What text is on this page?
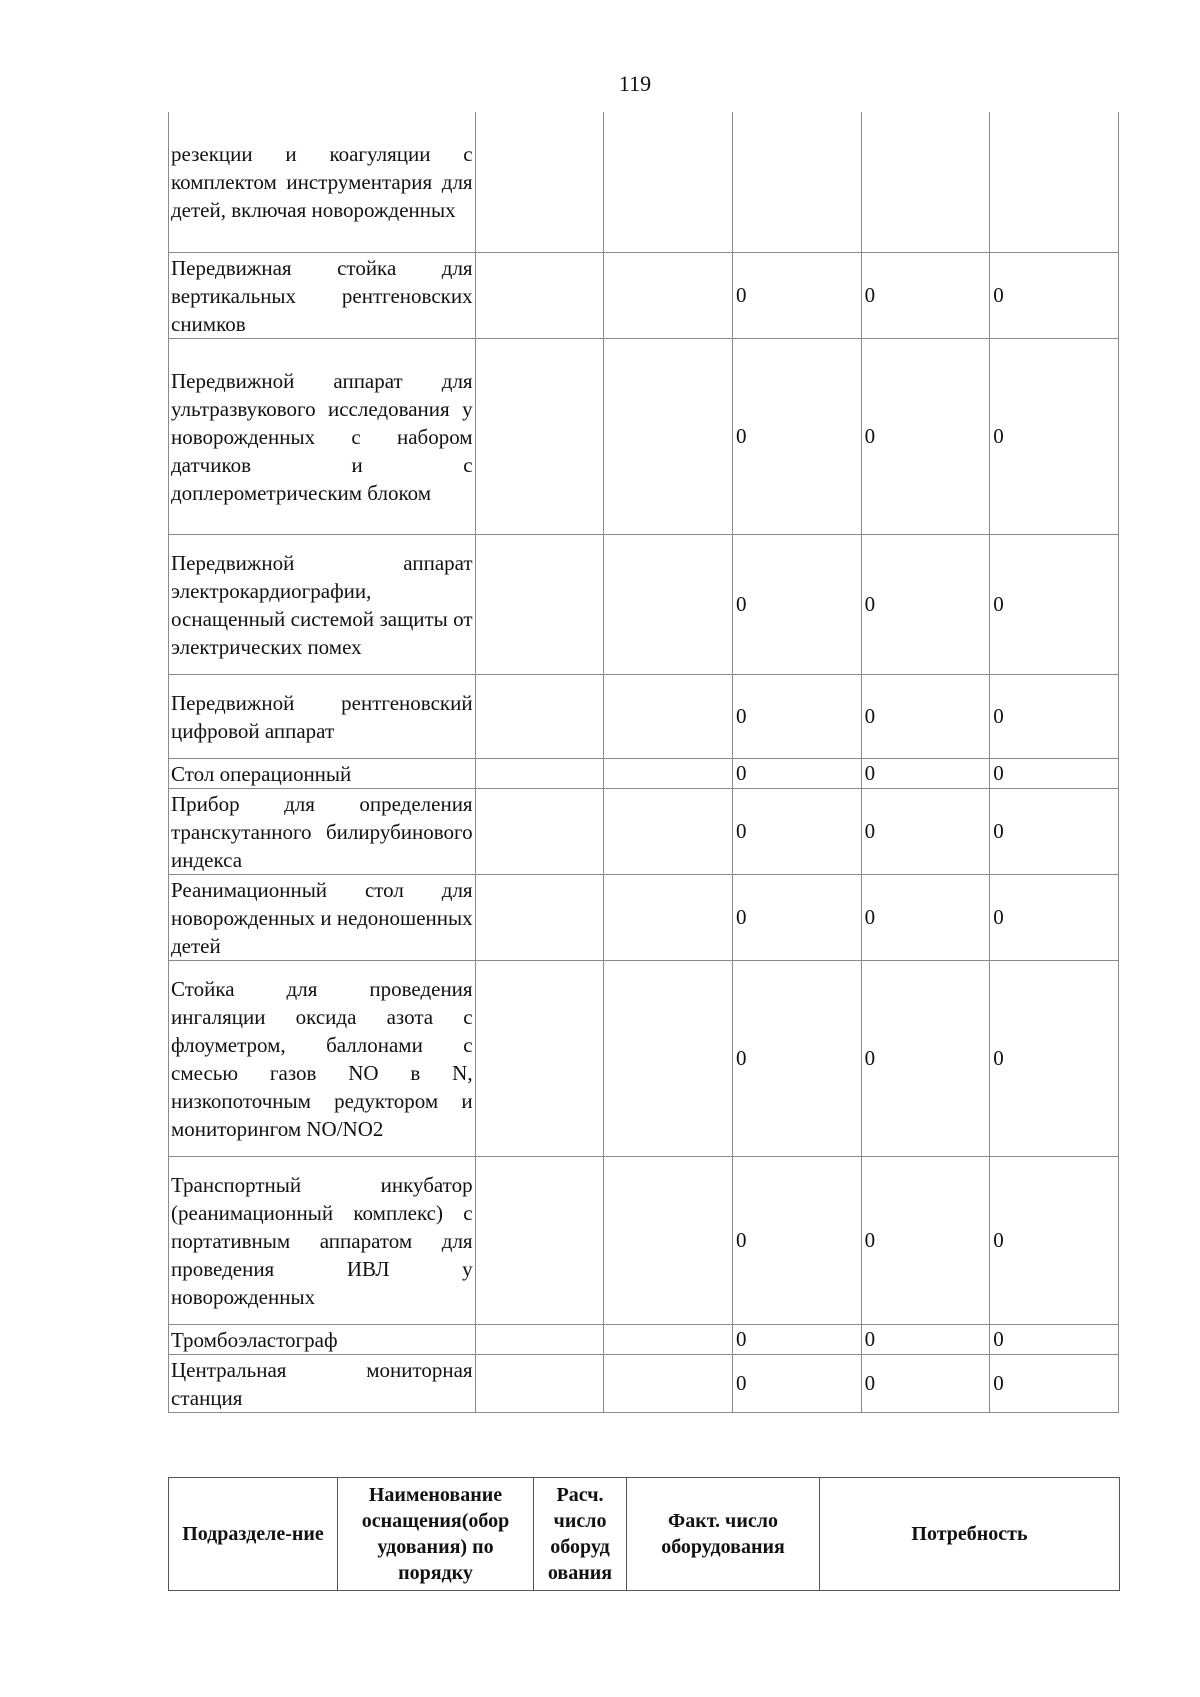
119
резекции и коагуляции с комплектом инструментария для детей, включая новорожденных					
Передвижная стойка для вертикальных рентгеновских снимков			0	0	0
Передвижной аппарат для ультразвукового исследования у новорожденных с набором датчиков и с доплерометрическим блоком			0	0	0
Передвижной аппарат электрокардиографии, оснащенный системой защиты от электрических помех			0	0	0
Передвижной рентгеновский цифровой аппарат			0	0	0
Стол операционный			0	0	0
Прибор для определения транскутанного билирубинового индекса			0	0	0
Реанимационный стол для новорожденных и недоношенных детей			0	0	0
Стойка для проведения ингаляции оксида азота с флоуметром, баллонами с смесью газов NO в N, низкопоточным редуктором и мониторингом NO/NO2			0	0	0
Транспортный инкубатор (реанимационный комплекс) с портативным аппаратом для проведения ИВЛ у новорожденных			0	0	0
Тромбоэластограф			0	0	0
Центральная мониторная станция			0	0	0
Подразделе-ние	Наименование оснащения(обор удования) по порядку	Расч. число оборуд ования	Факт. число оборудования	Потребность
